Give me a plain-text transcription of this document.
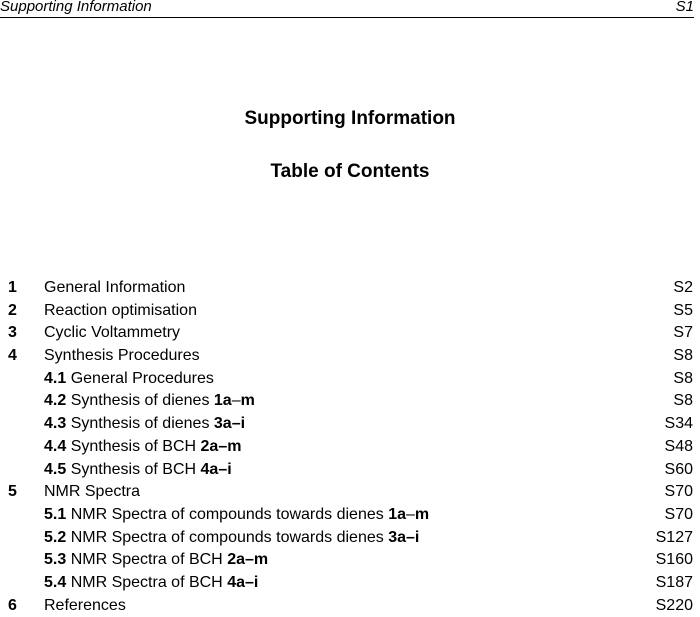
Supporting Information	S1
Supporting Information
Table of Contents
1 General Information	S2
2 Reaction optimisation	S5
3 Cyclic Voltammetry	S7
4 Synthesis Procedures	S8
4.1 General Procedures	S8
4.2 Synthesis of dienes 1a–m	S8
4.3 Synthesis of dienes 3a–i	S34
4.4 Synthesis of BCH 2a–m	S48
4.5 Synthesis of BCH 4a–i	S60
5 NMR Spectra	S70
5.1 NMR Spectra of compounds towards dienes 1a–m	S70
5.2 NMR Spectra of compounds towards dienes 3a–i	S127
5.3 NMR Spectra of BCH 2a–m	S160
5.4 NMR Spectra of BCH 4a–i	S187
6 References	S220
